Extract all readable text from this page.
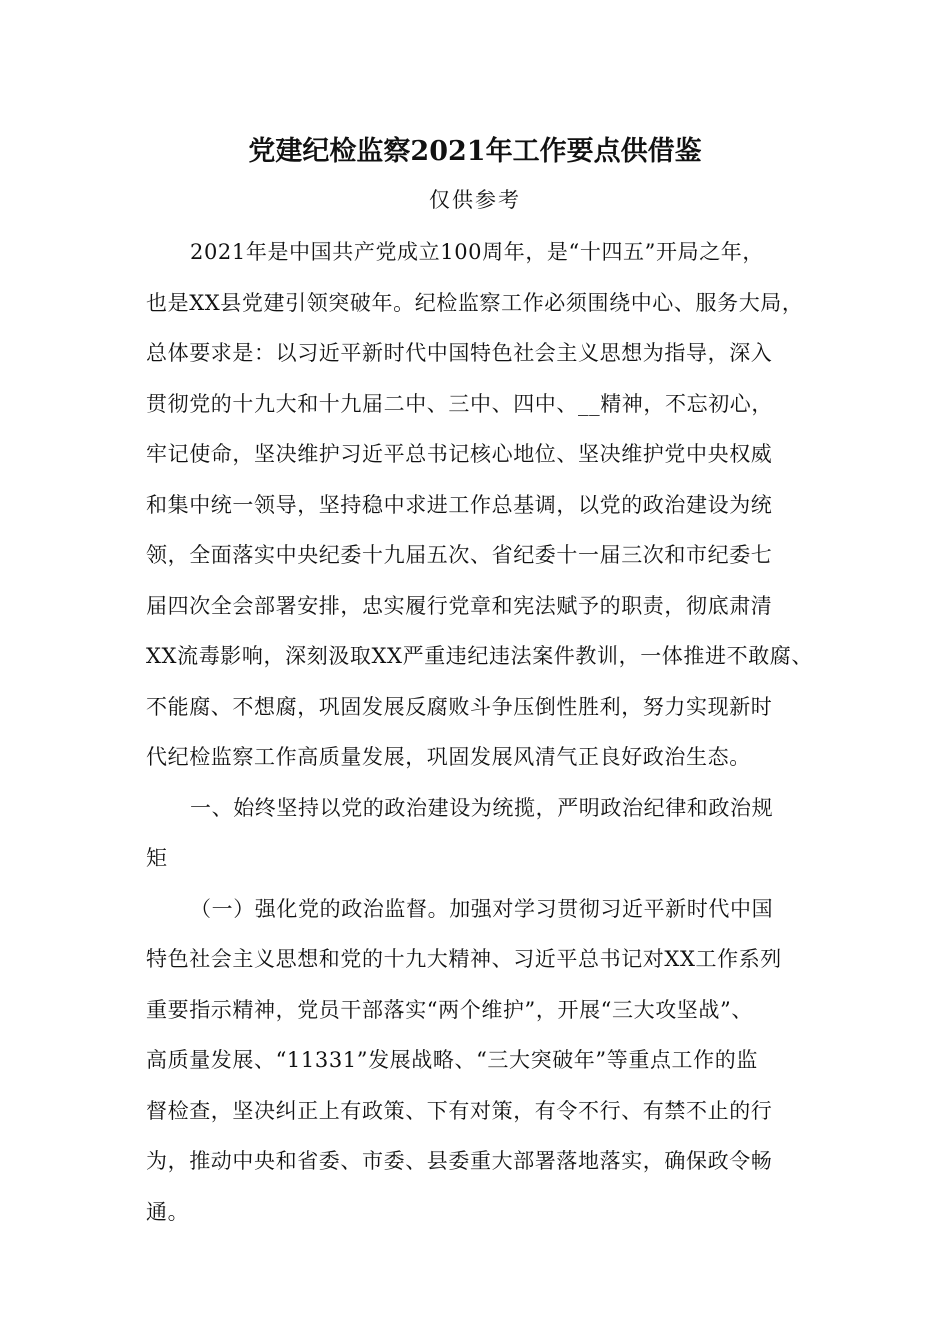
党建纪检监察2021年工作要点供借鉴
仅供参考
2021年是中国共产党成立100周年，是“十四五”开局之年，
也是XX县党建引领突破年。纪检监察工作必须围绕中心、服务大局，
总体要求是：以习近平新时代中国特色社会主义思想为指导，深入
贯彻党的十九大和十九届二中、三中、四中、__精神，不忘初心，
牢记使命，坚决维护习近平总书记核心地位、坚决维护党中央权威
和集中统一领导，坚持稳中求进工作总基调，以党的政治建设为统
领，全面落实中央纪委十九届五次、省纪委十一届三次和市纪委七
届四次全会部署安排，忠实履行党章和宪法赋予的职责，彻底肃清
XX流毒影响，深刻汲取XX严重违纪违法案件教训，一体推进不敢腐、
不能腐、不想腐，巩固发展反腐败斗争压倒性胜利，努力实现新时
代纪检监察工作高质量发展，巩固发展风清气正良好政治生态。
一、始终坚持以党的政治建设为统揽，严明政治纪律和政治规
矩
（一）强化党的政治监督。加强对学习贯彻习近平新时代中国
特色社会主义思想和党的十九大精神、习近平总书记对XX工作系列
重要指示精神，党员干部落实“两个维护”，开展“三大攻坚战”、
高质量发展、“11331”发展战略、“三大突破年”等重点工作的监
督检查，坚决纠正上有政策、下有对策，有令不行、有禁不止的行
为，推动中央和省委、市委、县委重大部署落地落实，确保政令畅
通。
